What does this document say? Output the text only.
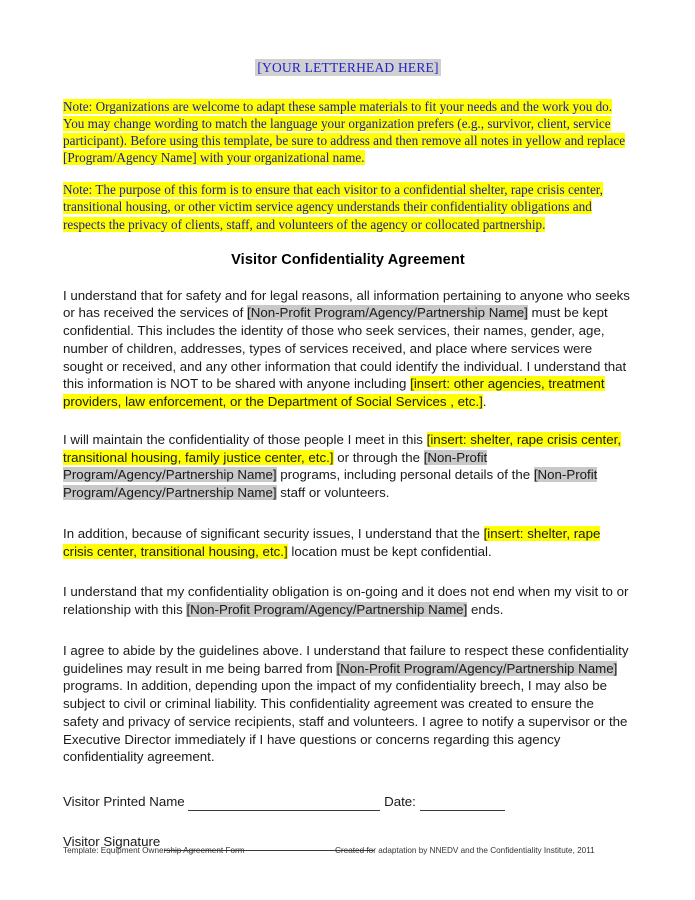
[YOUR LETTERHEAD HERE]

Note: Organizations are welcome to adapt these sample materials to fit your needs and the work you do. You may change wording to match the language your organization prefers (e.g., survivor, client, service participant). Before using this template, be sure to address and then remove all notes in yellow and replace [Program/Agency Name] with your organizational name.

Note: The purpose of this form is to ensure that each visitor to a confidential shelter, rape crisis center, transitional housing, or other victim service agency understands their confidentiality obligations and respects the privacy of clients, staff, and volunteers of the agency or collocated partnership.

Visitor Confidentiality Agreement

I understand that for safety and for legal reasons, all information pertaining to anyone who seeks or has received the services of [Non-Profit Program/Agency/Partnership Name] must be kept confidential. This includes the identity of those who seek services, their names, gender, age, number of children, addresses, types of services received, and place where services were sought or received, and any other information that could identify the individual. I understand that this information is NOT to be shared with anyone including [insert: other agencies, treatment providers, law enforcement, or the Department of Social Services , etc.].

I will maintain the confidentiality of those people I meet in this [insert: shelter, rape crisis center, transitional housing, family justice center, etc.] or through the [Non-Profit Program/Agency/Partnership Name] programs, including personal details of the [Non-Profit Program/Agency/Partnership Name] staff or volunteers.

In addition, because of significant security issues, I understand that the [insert: shelter, rape crisis center, transitional housing, etc.] location must be kept confidential.

I understand that my confidentiality obligation is on-going and it does not end when my visit to or relationship with this [Non-Profit Program/Agency/Partnership Name] ends.

I agree to abide by the guidelines above. I understand that failure to respect these confidentiality guidelines may result in me being barred from [Non-Profit Program/Agency/Partnership Name] programs. In addition, depending upon the impact of my confidentiality breech, I may also be subject to civil or criminal liability. This confidentiality agreement was created to ensure the safety and privacy of service recipients, staff and volunteers. I agree to notify a supervisor or the Executive Director immediately if I have questions or concerns regarding this agency confidentiality agreement.

Visitor Printed Name	Date:

Visitor Signature

Template: Equipment Ownership Agreement Form	Created for adaptation by NNEDV and the Confidentiality Institute, 2011
